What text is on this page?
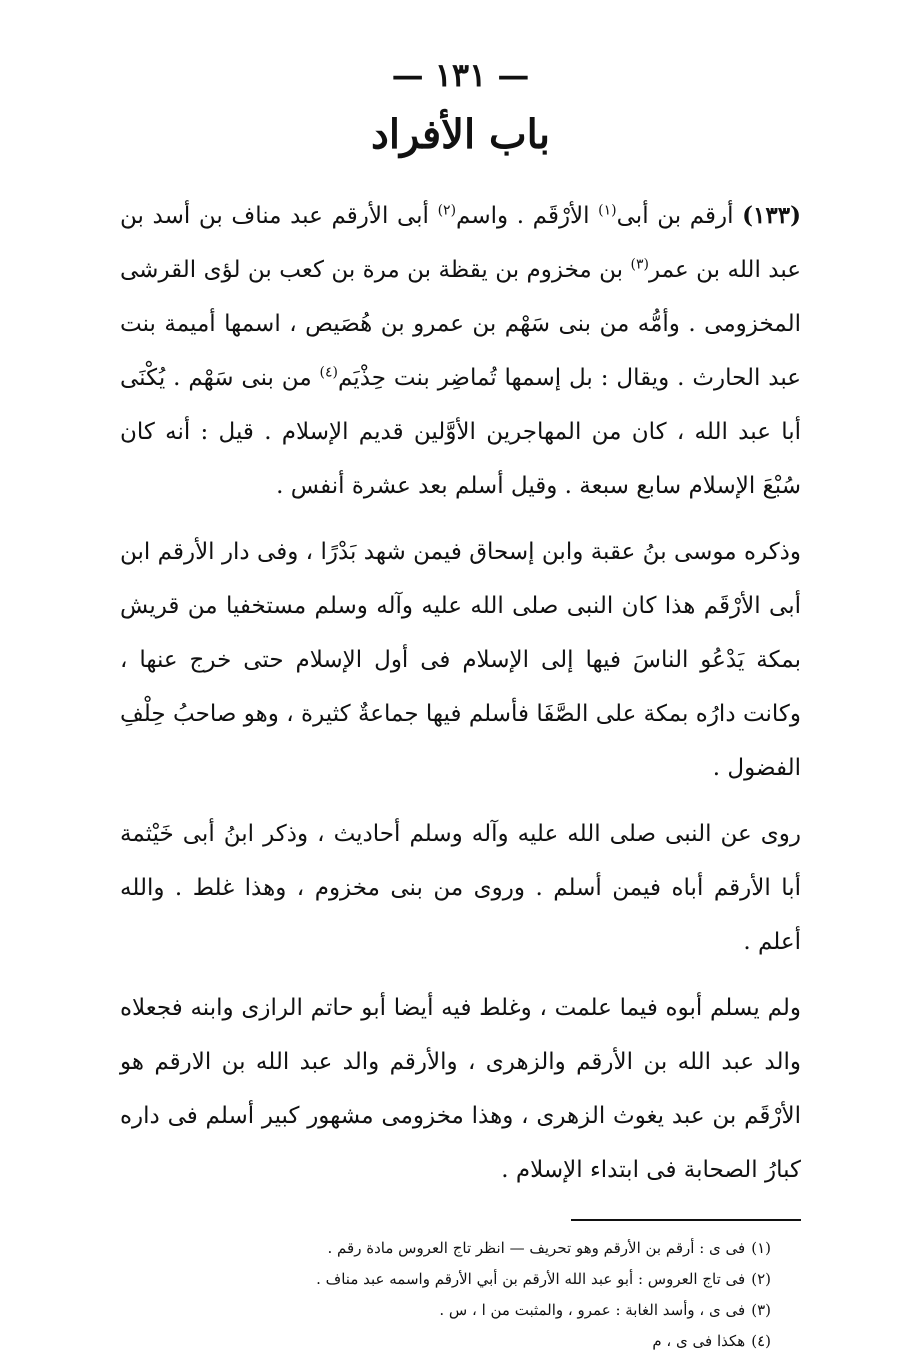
— ١٣١ —
باب الأفراد

(١٣٣) أرقم بن أبى$^{(١)}$ الأرْقَم . واسم$^{(٢)}$ أبى الأرقم عبد مناف بن أسد بن عبد الله بن عمر$^{(٣)}$ بن مخزوم بن يقظة بن مرة بن كعب بن لؤى القرشى المخزومى . وأمُّه من بنى سَهْم بن عمرو بن هُصَيص ، اسمها أميمة بنت عبد الحارث . ويقال : بل إسمها تُماضِر بنت حِذْيَم$^{(٤)}$ من بنى سَهْم . يُكْنَى أبا عبد الله ، كان من المهاجرين الأوَّلين قديم الإسلام . قيل : أنه كان سُبْعَ الإسلام سابع سبعة . وقيل أسلم بعد عشرة أنفس .

وذكره موسى بنُ عقبة وابن إسحاق فيمن شهد بَدْرًا ، وفى دار الأرقم ابن أبى الأرْقَم هذا كان النبى صلى الله عليه وآله وسلم مستخفيا من قريش بمكة يَدْعُو الناسَ فيها إلى الإسلام فى أول الإسلام حتى خرج عنها ، وكانت دارُه بمكة على الصَّفَا فأسلم فيها جماعةٌ كثيرة ، وهو صاحبُ حِلْفِ الفضول .

روى عن النبى صلى الله عليه وآله وسلم أحاديث ، وذكر ابنُ أبى خَيْثمة أبا الأرقم أباه فيمن أسلم . وروى من بنى مخزوم ، وهذا غلط . والله أعلم .

ولم يسلم أبوه فيما علمت ، وغلط فيه أيضا أبو حاتم الرازى وابنه فجعلاه والد عبد الله بن الأرقم والزهرى ، والأرقم والد عبد الله بن الارقم هو الأرْقَم بن عبد يغوث الزهرى ، وهذا مخزومى مشهور كبير أسلم فى داره كبارُ الصحابة فى ابتداء الإسلام .

(١)فى ى : أرقم بن الأرقم وهو تحريف — انظر تاج العروس مادة رقم .

(٢)فى تاج العروس : أبو عبد الله الأرقم بن أبي الأرقم واسمه عبد مناف .

(٣)فى ى ، وأسد الغابة : عمرو ، والمثبت من ا ، س .

(٤)هكذا فى ى ، م
